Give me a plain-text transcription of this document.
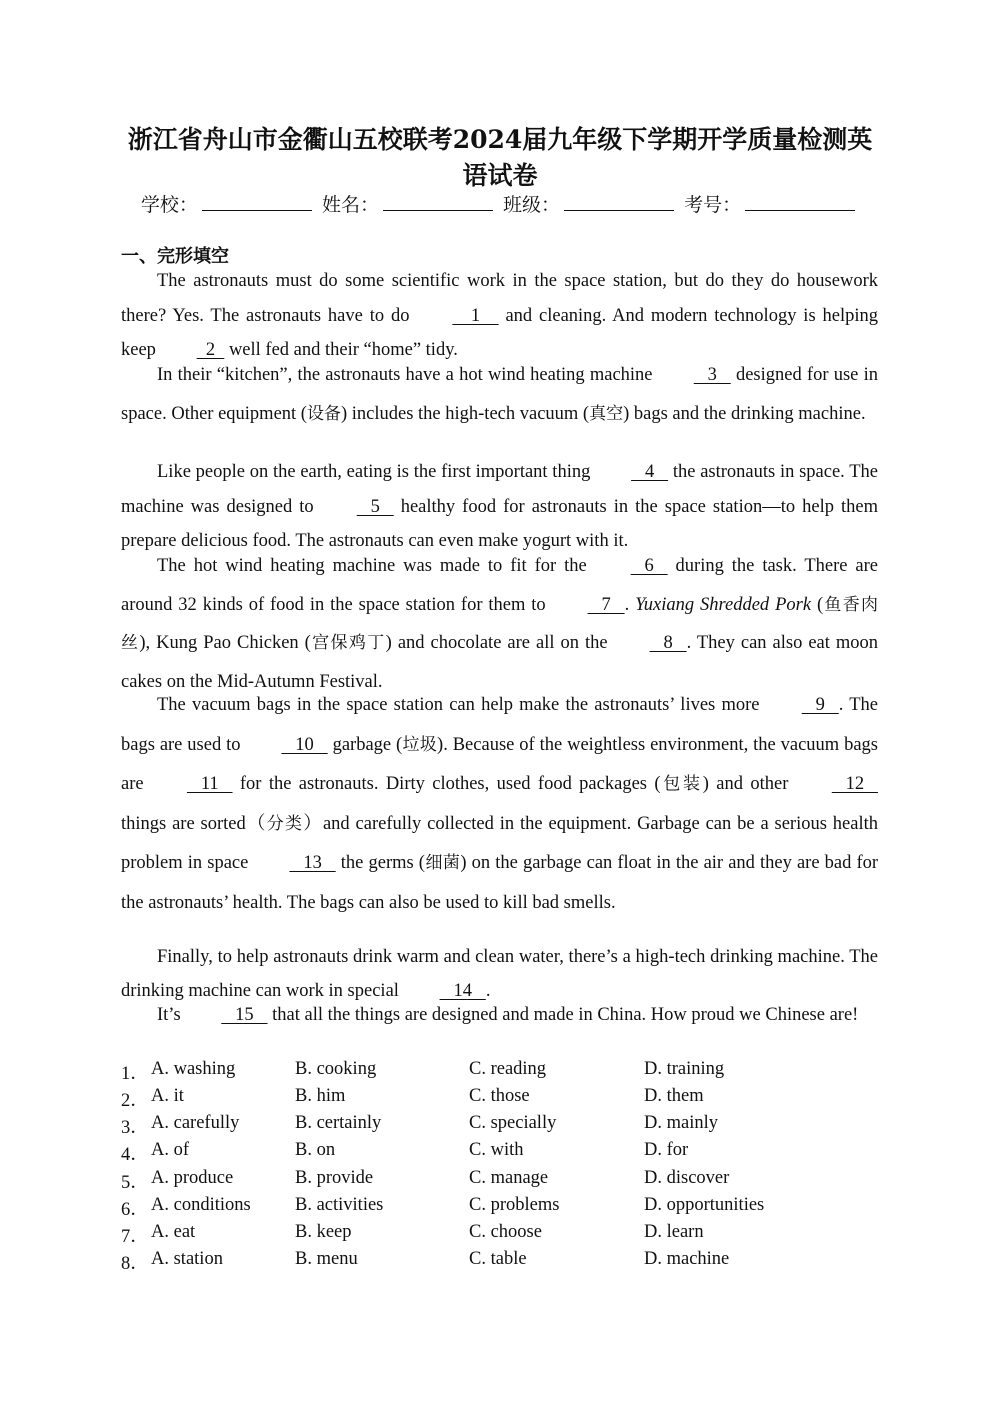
浙江省舟山市金衢山五校联考2024届九年级下学期开学质量检测英
语试卷
学校：	姓名：	班级：	考号：
一、完形填空

The astronauts must do some scientific work in the space station, but do they do housework there? Yes. The astronauts have to do     1     and cleaning. And modern technology is helping keep   2   well fed and their “home” tidy.

In their “kitchen”, the astronauts have a hot wind heating machine    3    designed for use in space. Other equipment (设备) includes the high-tech vacuum (真空) bags and the drinking machine.

Like people on the earth, eating is the first important thing    4    the astronauts in space. The machine was designed to    5    healthy food for astronauts in the space station—to help them prepare delicious food. The astronauts can even make yogurt with it.

The hot wind heating machine was made to fit for the    6    during the task. There are around 32 kinds of food in the space station for them to    7   . Yuxiang Shredded Pork (鱼香肉丝), Kung Pao Chicken (宫保鸡丁) and chocolate are all on the    8   . They can also eat moon cakes on the Mid-Autumn Festival.

The vacuum bags in the space station can help make the astronauts’ lives more    9   . The bags are used to    10    garbage (垃圾). Because of the weightless environment, the vacuum bags are    11    for the astronauts. Dirty clothes, used food packages (包装) and other    12    things are sorted（分类）and carefully collected in the equipment. Garbage can be a serious health problem in space    13    the germs (细菌) on the garbage can float in the air and they are bad for the astronauts’ health. The bags can also be used to kill bad smells.

Finally, to help astronauts drink warm and clean water, there’s a high-tech drinking machine. The drinking machine can work in special    14   .

It’s    15    that all the things are designed and made in China. How proud we Chinese are!

1． A. washing	B. cooking	C. reading	D. training
2． A. it	B. him	C. those	D. them
3． A. carefully	B. certainly	C. specially	D. mainly
4． A. of	B. on	C. with	D. for
5． A. produce	B. provide	C. manage	D. discover
6． A. conditions B. activities	C. problems	D. opportunities
7． A. eat	B. keep	C. choose	D. learn
8． A. station	B. menu	C. table	D. machine
